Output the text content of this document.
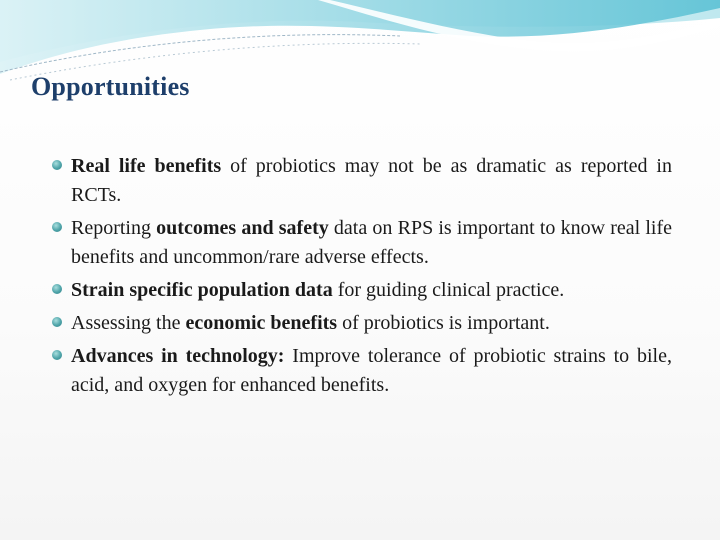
Opportunities
Real life benefits of probiotics may not be as dramatic as reported in RCTs.
Reporting outcomes and safety data on RPS is important to know real life benefits and uncommon/rare adverse effects.
Strain specific population data for guiding clinical practice.
Assessing the economic benefits of probiotics is important.
Advances in technology: Improve tolerance of probiotic strains to bile, acid, and oxygen for enhanced benefits.
